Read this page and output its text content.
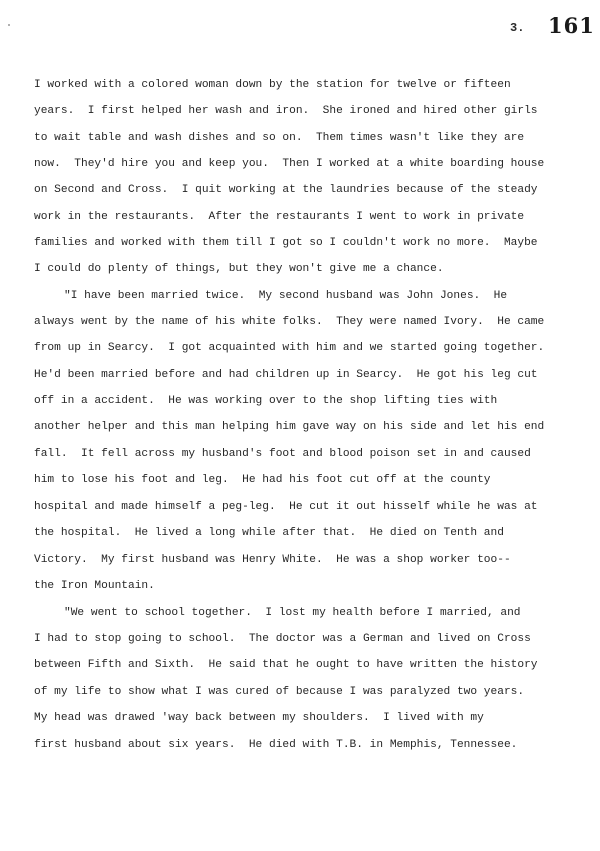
3. 161
I worked with a colored woman down by the station for twelve or fifteen
years.  I first helped her wash and iron.  She ironed and hired other girls
to wait table and wash dishes and so on.  Them times wasn't like they are
now.  They'd hire you and keep you.  Then I worked at a white boarding house
on Second and Cross.  I quit working at the laundries because of the steady
work in the restaurants.  After the restaurants I went to work in private
families and worked with them till I got so I couldn't work no more.  Maybe
I could do plenty of things, but they won't give me a chance.
"I have been married twice.  My second husband was John Jones.  He
always went by the name of his white folks.  They were named Ivory.  He came
from up in Searcy.  I got acquainted with him and we started going together.
He'd been married before and had children up in Searcy.  He got his leg cut
off in a accident.  He was working over to the shop lifting ties with
another helper and this man helping him gave way on his side and let his end
fall.  It fell across my husband's foot and blood poison set in and caused
him to lose his foot and leg.  He had his foot cut off at the county
hospital and made himself a peg-leg.  He cut it out hisself while he was at
the hospital.  He lived a long while after that.  He died on Tenth and
Victory.  My first husband was Henry White.  He was a shop worker too--
the Iron Mountain.
"We went to school together.  I lost my health before I married, and
I had to stop going to school.  The doctor was a German and lived on Cross
between Fifth and Sixth.  He said that he ought to have written the history
of my life to show what I was cured of because I was paralyzed two years.
My head was drawed 'way back between my shoulders.  I lived with my
first husband about six years.  He died with T.B. in Memphis, Tennessee.
